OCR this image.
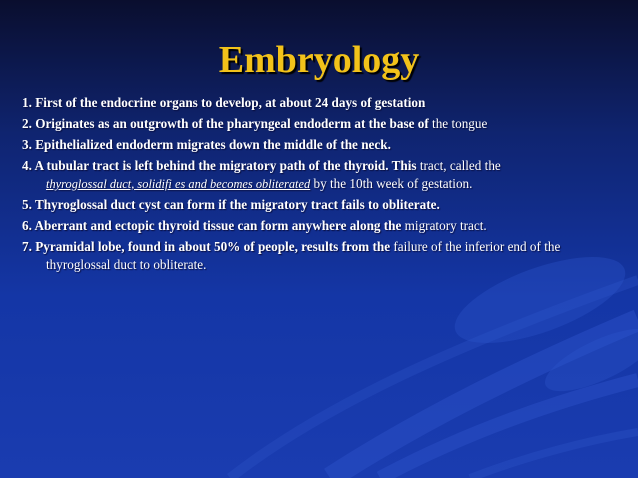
Embryology
1. First of the endocrine organs to develop, at about 24 days of gestation
2. Originates as an outgrowth of the pharyngeal endoderm at the base of the tongue
3. Epithelialized endoderm migrates down the middle of the neck.
4. A tubular tract is left behind the migratory path of the thyroid. This tract, called the
thyroglossal duct, solidifi es and becomes obliterated by the 10th week of gestation.
5. Thyroglossal duct cyst can form if the migratory tract fails to obliterate.
6. Aberrant and ectopic thyroid tissue can form anywhere along the migratory tract.
7. Pyramidal lobe, found in about 50% of people, results from the failure of the inferior end of the thyroglossal duct to obliterate.
